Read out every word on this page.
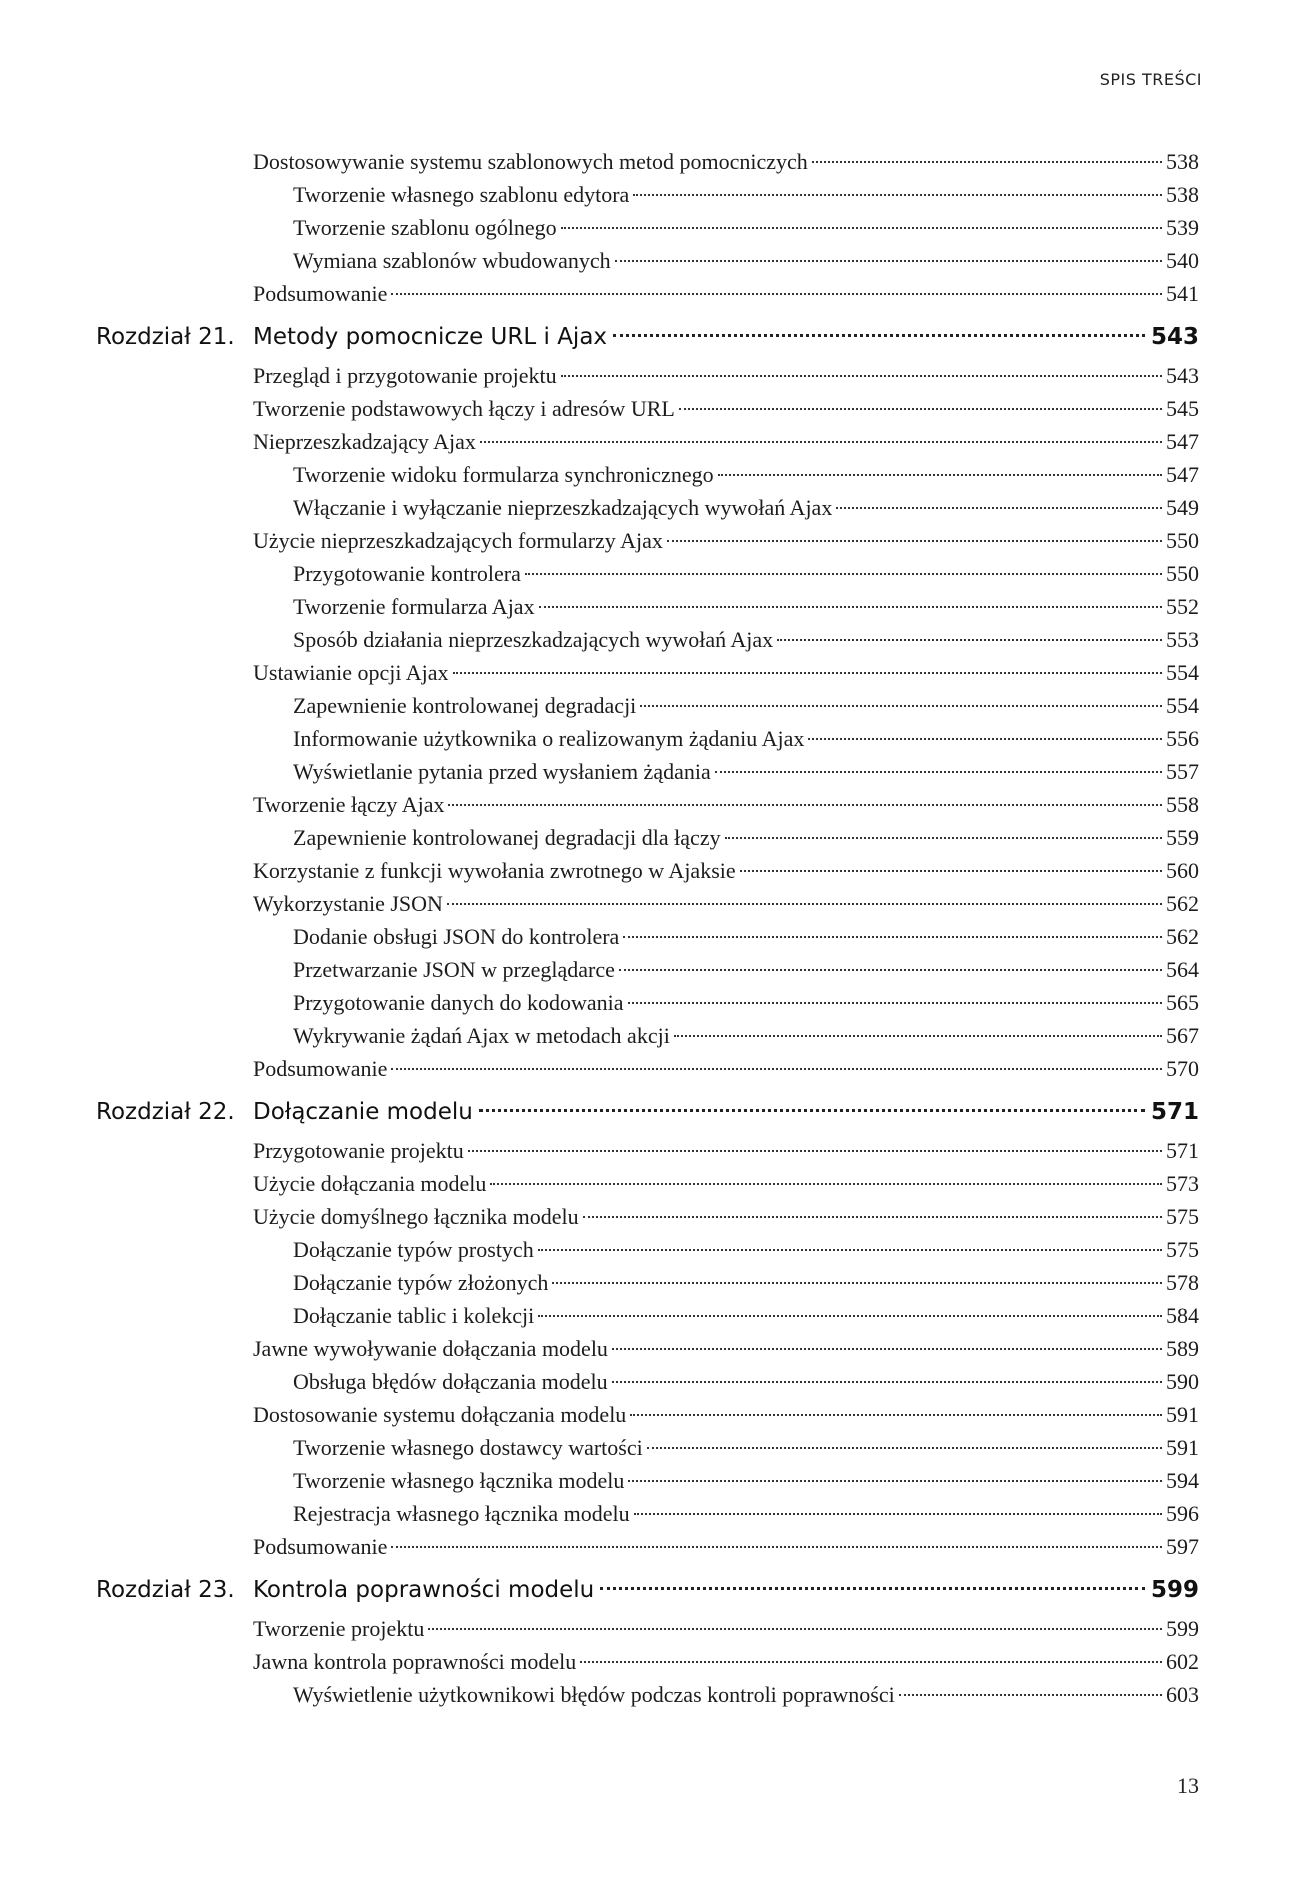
SPIS TREŚCI
Dostosowywanie systemu szablonowych metod pomocniczych	538
Tworzenie własnego szablonu edytora	538
Tworzenie szablonu ogólnego	539
Wymiana szablonów wbudowanych	540
Podsumowanie	541
Rozdział 21. Metody pomocnicze URL i Ajax	543
Przegląd i przygotowanie projektu	543
Tworzenie podstawowych łączy i adresów URL	545
Nieprzeszkadzający Ajax	547
Tworzenie widoku formularza synchronicznego	547
Włączanie i wyłączanie nieprzeszkadzających wywołań Ajax	549
Użycie nieprzeszkadzających formularzy Ajax	550
Przygotowanie kontrolera	550
Tworzenie formularza Ajax	552
Sposób działania nieprzeszkadzających wywołań Ajax	553
Ustawianie opcji Ajax	554
Zapewnienie kontrolowanej degradacji	554
Informowanie użytkownika o realizowanym żądaniu Ajax	556
Wyświetlanie pytania przed wysłaniem żądania	557
Tworzenie łączy Ajax	558
Zapewnienie kontrolowanej degradacji dla łączy	559
Korzystanie z funkcji wywołania zwrotnego w Ajaksie	560
Wykorzystanie JSON	562
Dodanie obsługi JSON do kontrolera	562
Przetwarzanie JSON w przeglądarce	564
Przygotowanie danych do kodowania	565
Wykrywanie żądań Ajax w metodach akcji	567
Podsumowanie	570
Rozdział 22. Dołączanie modelu	571
Przygotowanie projektu	571
Użycie dołączania modelu	573
Użycie domyślnego łącznika modelu	575
Dołączanie typów prostych	575
Dołączanie typów złożonych	578
Dołączanie tablic i kolekcji	584
Jawne wywoływanie dołączania modelu	589
Obsługa błędów dołączania modelu	590
Dostosowanie systemu dołączania modelu	591
Tworzenie własnego dostawcy wartości	591
Tworzenie własnego łącznika modelu	594
Rejestracja własnego łącznika modelu	596
Podsumowanie	597
Rozdział 23. Kontrola poprawności modelu	599
Tworzenie projektu	599
Jawna kontrola poprawności modelu	602
Wyświetlenie użytkownikowi błędów podczas kontroli poprawności	603
13
